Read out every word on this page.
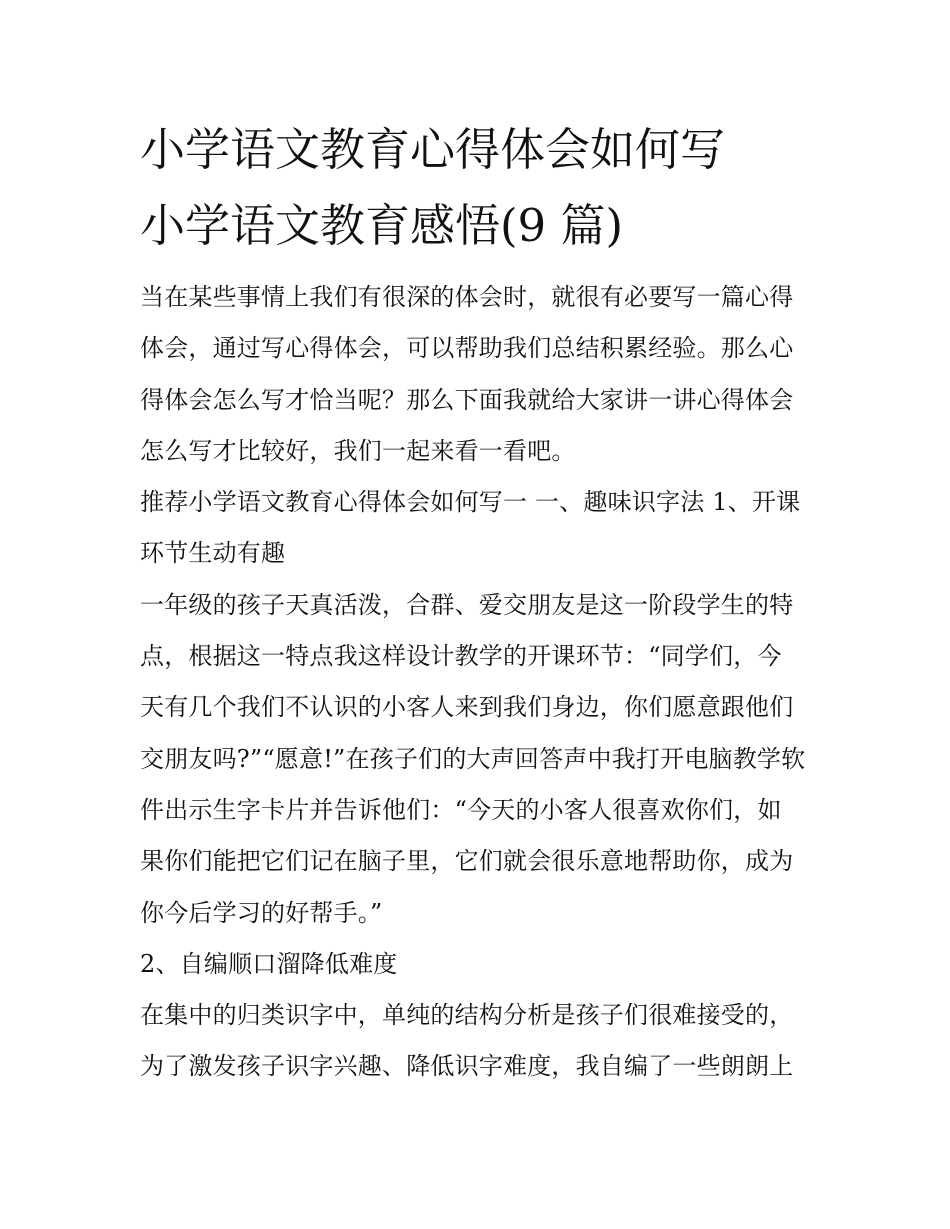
小学语文教育心得体会如何写
小学语文教育感悟(9 篇)

当在某些事情上我们有很深的体会时，就很有必要写一篇心得
体会，通过写心得体会，可以帮助我们总结积累经验。那么心
得体会怎么写才恰当呢？那么下面我就给大家讲一讲心得体会
怎么写才比较好，我们一起来看一看吧。

推荐小学语文教育心得体会如何写一 一、趣味识字法 1、开课
环节生动有趣

一年级的孩子天真活泼，合群、爱交朋友是这一阶段学生的特
点，根据这一特点我这样设计教学的开课环节：“同学们，今
天有几个我们不认识的小客人来到我们身边，你们愿意跟他们
交朋友吗?”“愿意!”在孩子们的大声回答声中我打开电脑教学软
件出示生字卡片并告诉他们：“今天的小客人很喜欢你们，如
果你们能把它们记在脑子里，它们就会很乐意地帮助你，成为
你今后学习的好帮手。”

2、自编顺口溜降低难度

在集中的归类识字中，单纯的结构分析是孩子们很难接受的，
为了激发孩子识字兴趣、降低识字难度，我自编了一些朗朗上
